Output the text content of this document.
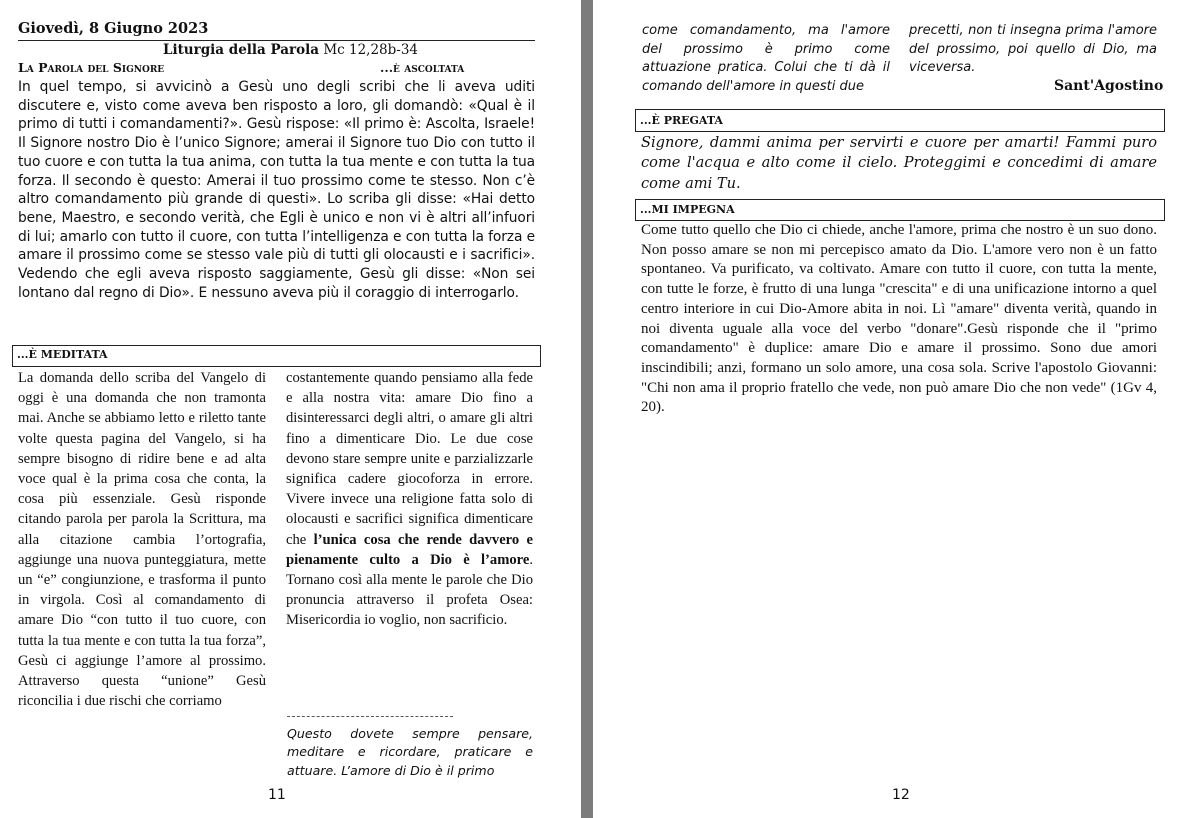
Giovedì, 8 Giugno 2023
Liturgia della Parola Mc 12,28b-34
La Parola del Signore	...è ascoltata
In quel tempo, si avvicinò a Gesù uno degli scribi che li aveva uditi discutere e, visto come aveva ben risposto a loro, gli domandò: «Qual è il primo di tutti i comandamenti?». Gesù rispose: «Il primo è: Ascolta, Israele! Il Signore nostro Dio è l’unico Signore; amerai il Signore tuo Dio con tutto il tuo cuore e con tutta la tua anima, con tutta la tua mente e con tutta la tua forza. Il secondo è questo: Amerai il tuo prossimo come te stesso. Non c’è altro comandamento più grande di questi». Lo scriba gli disse: «Hai detto bene, Maestro, e secondo verità, che Egli è unico e non vi è altri all’infuori di lui; amarlo con tutto il cuore, con tutta l’intelligenza e con tutta la forza e amare il prossimo come se stesso vale più di tutti gli olocausti e i sacrifici». Vedendo che egli aveva risposto saggiamente, Gesù gli disse: «Non sei lontano dal regno di Dio». E nessuno aveva più il coraggio di interrogarlo.
...È MEDITATA
La domanda dello scriba del Vangelo di oggi è una domanda che non tramonta mai. Anche se abbiamo letto e riletto tante volte questa pagina del Vangelo, si ha sempre bisogno di ridire bene e ad alta voce qual è la prima cosa che conta, la cosa più essenziale. Gesù risponde citando parola per parola la Scrittura, ma alla citazione cambia l’ortografia, aggiunge una nuova punteggiatura, mette un “e” congiunzione, e trasforma il punto in virgola. Così al comandamento di amare Dio “con tutto il tuo cuore, con tutta la tua mente e con tutta la tua forza”, Gesù ci aggiunge l’amore al prossimo. Attraverso questa “unione” Gesù riconcilia i due rischi che corriamo
costantemente quando pensiamo alla fede e alla nostra vita: amare Dio fino a disinteressarci degli altri, o amare gli altri fino a dimenticare Dio. Le due cose devono stare sempre unite e parzializzarle significa cadere giocoforza in errore. Vivere invece una religione fatta solo di olocausti e sacrifici significa dimenticare che l’unica cosa che rende davvero e pienamente culto a Dio è l’amore. Tornano così alla mente le parole che Dio pronuncia attraverso il profeta Osea: Misericordia io voglio, non sacrificio.
Questo dovete sempre pensare, meditare e ricordare, praticare e attuare. L’amore di Dio è il primo
11	12
come comandamento, ma l'amore del prossimo è primo come attuazione pratica. Colui che ti dà il comando dell'amore in questi due
precetti, non ti insegna prima l'amore del prossimo, poi quello di Dio, ma viceversa.
Sant'Agostino
...È PREGATA
Signore, dammi anima per servirti e cuore per amarti! Fammi puro come l'acqua e alto come il cielo. Proteggimi e concedimi di amare come ami Tu.
...MI IMPEGNA
Come tutto quello che Dio ci chiede, anche l'amore, prima che nostro è un suo dono. Non posso amare se non mi percepisco amato da Dio. L'amore vero non è un fatto spontaneo. Va purificato, va coltivato. Amare con tutto il cuore, con tutta la mente, con tutte le forze, è frutto di una lunga "crescita" e di una unificazione intorno a quel centro interiore in cui Dio-Amore abita in noi. Lì "amare" diventa verità, quando in noi diventa uguale alla voce del verbo "donare".Gesù risponde che il "primo comandamento" è duplice: amare Dio e amare il prossimo. Sono due amori inscindibili; anzi, formano un solo amore, una cosa sola. Scrive l'apostolo Giovanni: "Chi non ama il proprio fratello che vede, non può amare Dio che non vede" (1Gv 4, 20).
